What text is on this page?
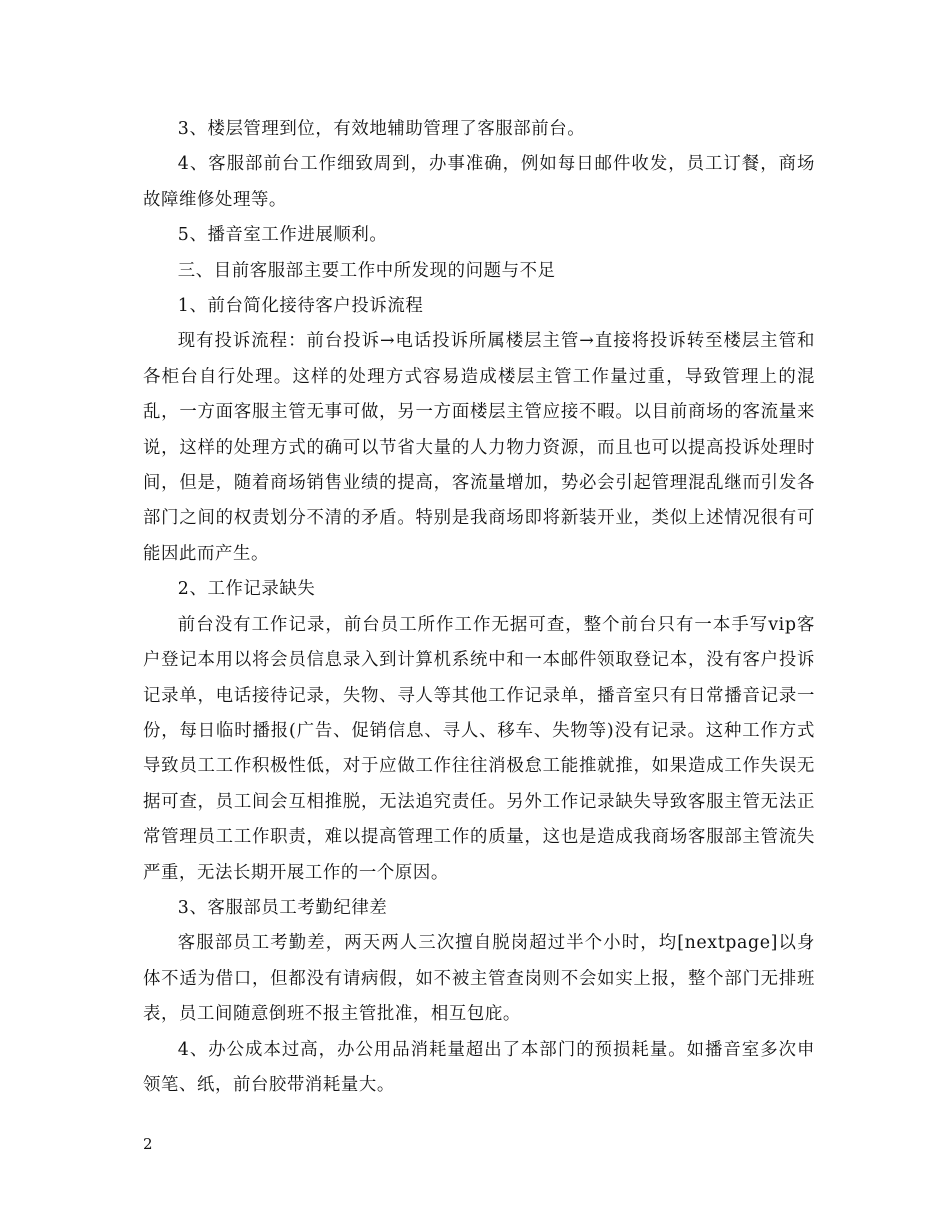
3、楼层管理到位，有效地辅助管理了客服部前台。

4、客服部前台工作细致周到，办事准确，例如每日邮件收发，员工订餐，商场故障维修处理等。

5、播音室工作进展顺利。

三、目前客服部主要工作中所发现的问题与不足

1、前台简化接待客户投诉流程

现有投诉流程：前台投诉→电话投诉所属楼层主管→直接将投诉转至楼层主管和各柜台自行处理。这样的处理方式容易造成楼层主管工作量过重，导致管理上的混乱，一方面客服主管无事可做，另一方面楼层主管应接不暇。以目前商场的客流量来说，这样的处理方式的确可以节省大量的人力物力资源，而且也可以提高投诉处理时间，但是，随着商场销售业绩的提高，客流量增加，势必会引起管理混乱继而引发各部门之间的权责划分不清的矛盾。特别是我商场即将新装开业，类似上述情况很有可能因此而产生。

2、工作记录缺失

前台没有工作记录，前台员工所作工作无据可查，整个前台只有一本手写vip客户登记本用以将会员信息录入到计算机系统中和一本邮件领取登记本，没有客户投诉记录单，电话接待记录，失物、寻人等其他工作记录单，播音室只有日常播音记录一份，每日临时播报(广告、促销信息、寻人、移车、失物等)没有记录。这种工作方式导致员工工作积极性低，对于应做工作往往消极怠工能推就推，如果造成工作失误无据可查，员工间会互相推脱，无法追究责任。另外工作记录缺失导致客服主管无法正常管理员工工作职责，难以提高管理工作的质量，这也是造成我商场客服部主管流失严重，无法长期开展工作的一个原因。

3、客服部员工考勤纪律差

客服部员工考勤差，两天两人三次擅自脱岗超过半个小时，均[nextpage]以身体不适为借口，但都没有请病假，如不被主管查岗则不会如实上报，整个部门无排班表，员工间随意倒班不报主管批准，相互包庇。

4、办公成本过高，办公用品消耗量超出了本部门的预损耗量。如播音室多次申领笔、纸，前台胶带消耗量大。

2
